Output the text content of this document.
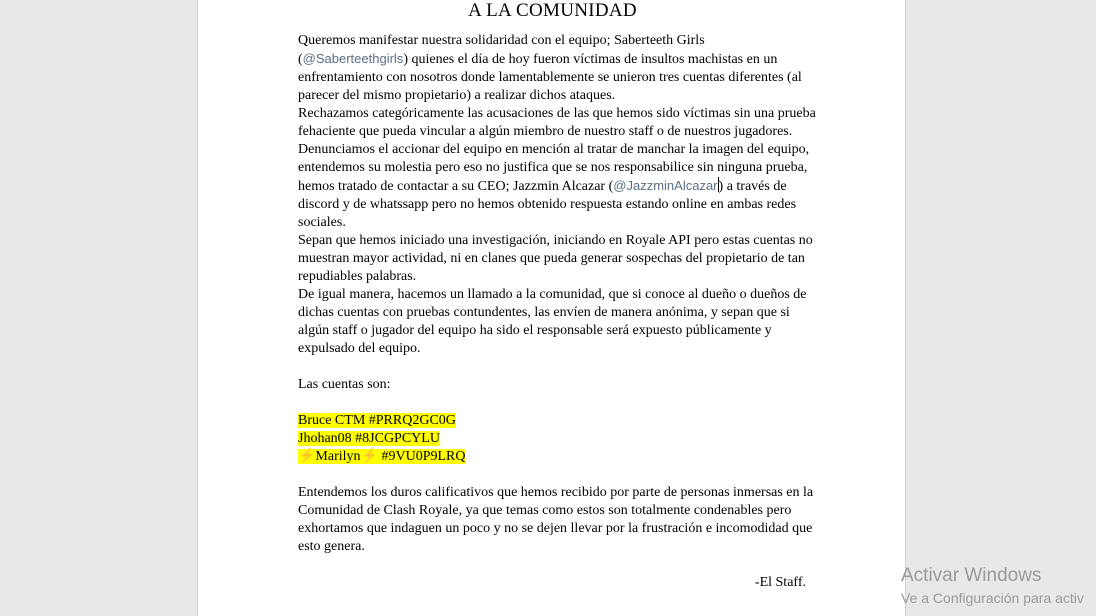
A LA COMUNIDAD

Queremos manifestar nuestra solidaridad con el equipo; Saberteeth Girls (@Saberteethgirls) quienes el día de hoy fueron víctimas de insultos machistas en un enfrentamiento con nosotros donde lamentablemente se unieron tres cuentas diferentes (al parecer del mismo propietario) a realizar dichos ataques.

Rechazamos categóricamente las acusaciones de las que hemos sido víctimas sin una prueba fehaciente que pueda vincular a algún miembro de nuestro staff o de nuestros jugadores.

Denunciamos el accionar del equipo en mención al tratar de manchar la imagen del equipo, entendemos su molestia pero eso no justifica que se nos responsabilice sin ninguna prueba, hemos tratado de contactar a su CEO; Jazzmin Alcazar (@JazzminAlcazar) a través de discord y de whatssapp pero no hemos obtenido respuesta estando online en ambas redes sociales.

Sepan que hemos iniciado una investigación, iniciando en Royale API pero estas cuentas no muestran mayor actividad, ni en clanes que pueda generar sospechas del propietario de tan repudiables palabras.

De igual manera, hacemos un llamado a la comunidad, que si conoce al dueño o dueños de dichas cuentas con pruebas contundentes, las envíen de manera anónima, y sepan que si algún staff o jugador del equipo ha sido el responsable será expuesto públicamente y expulsado del equipo.

Las cuentas son:

Bruce CTM #PRRQ2GC0G

Jhohan08 #8JCGPCYLU

⚡Marilyn⚡ #9VU0P9LRQ

Entendemos los duros calificativos que hemos recibido por parte de personas inmersas en la Comunidad de Clash Royale, ya que temas como estos son totalmente condenables pero exhortamos que indaguen un poco y no se dejen llevar por la frustración e incomodidad que esto genera.

-El Staff.	Activar Windows
Ve a Configuración para activ
